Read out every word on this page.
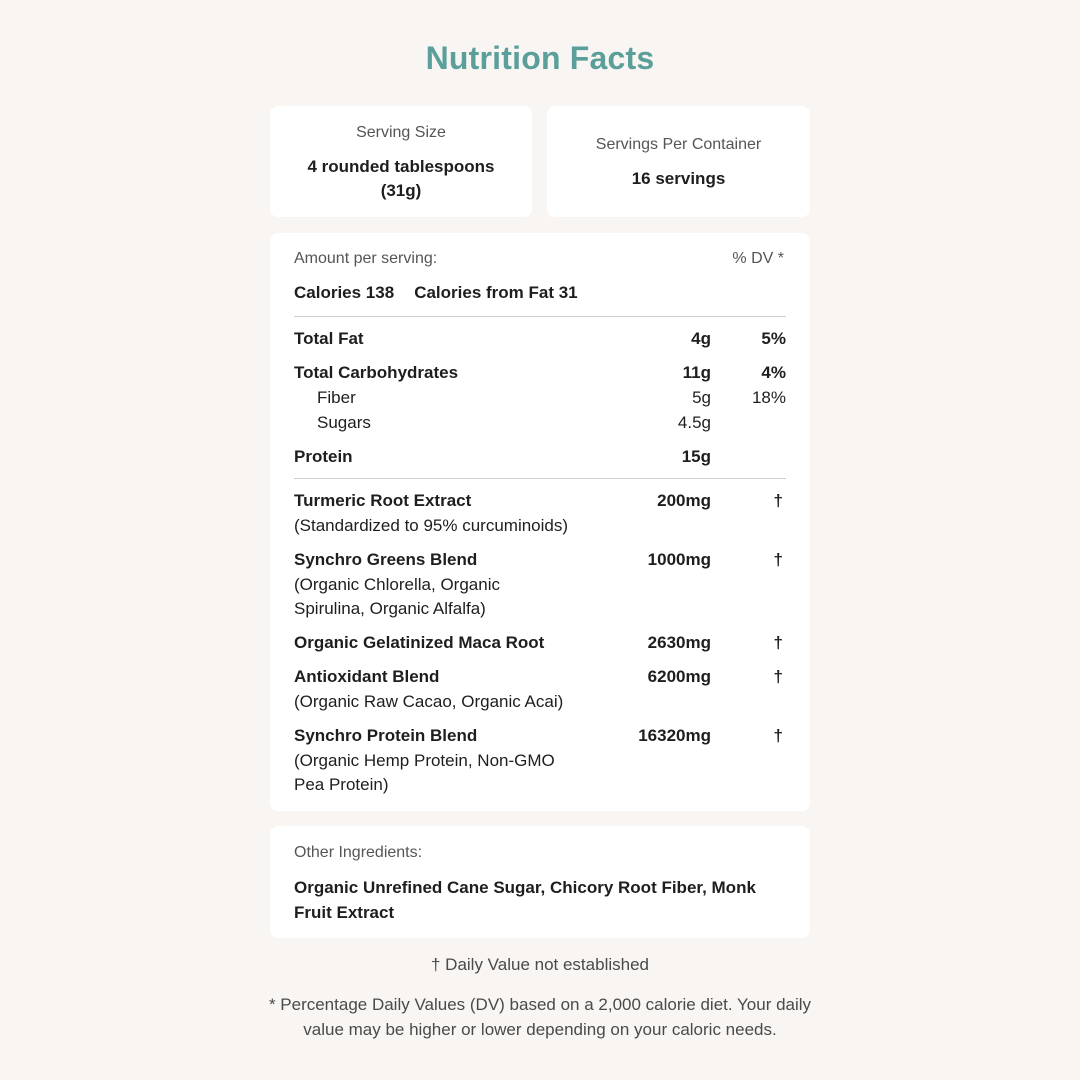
Nutrition Facts
Serving Size
4 rounded tablespoons
(31g)
Servings Per Container
16 servings
Amount per serving:	% DV *
Calories 138 Calories from Fat 31
Total Fat	4g	5%
Total Carbohydrates	11g	4%
Fiber	5g 18%
Sugars	4.5g
Protein	15g
Turmeric Root Extract
(Standardized to 95% curcuminoids)
200mg	†
Synchro Greens Blend
(Organic Chlorella, Organic Spirulina, Organic Alfalfa)
1000mg	†
Organic Gelatinized Maca Root	2630mg	†
Antioxidant Blend
(Organic Raw Cacao, Organic Acai)
6200mg	†
Synchro Protein Blend
(Organic Hemp Protein, Non-GMO Pea Protein)
16320mg	†
Other Ingredients:
Organic Unrefined Cane Sugar, Chicory Root Fiber, Monk Fruit Extract
† Daily Value not established
* Percentage Daily Values (DV) based on a 2,000 calorie diet. Your daily value may be higher or lower depending on your caloric needs.
